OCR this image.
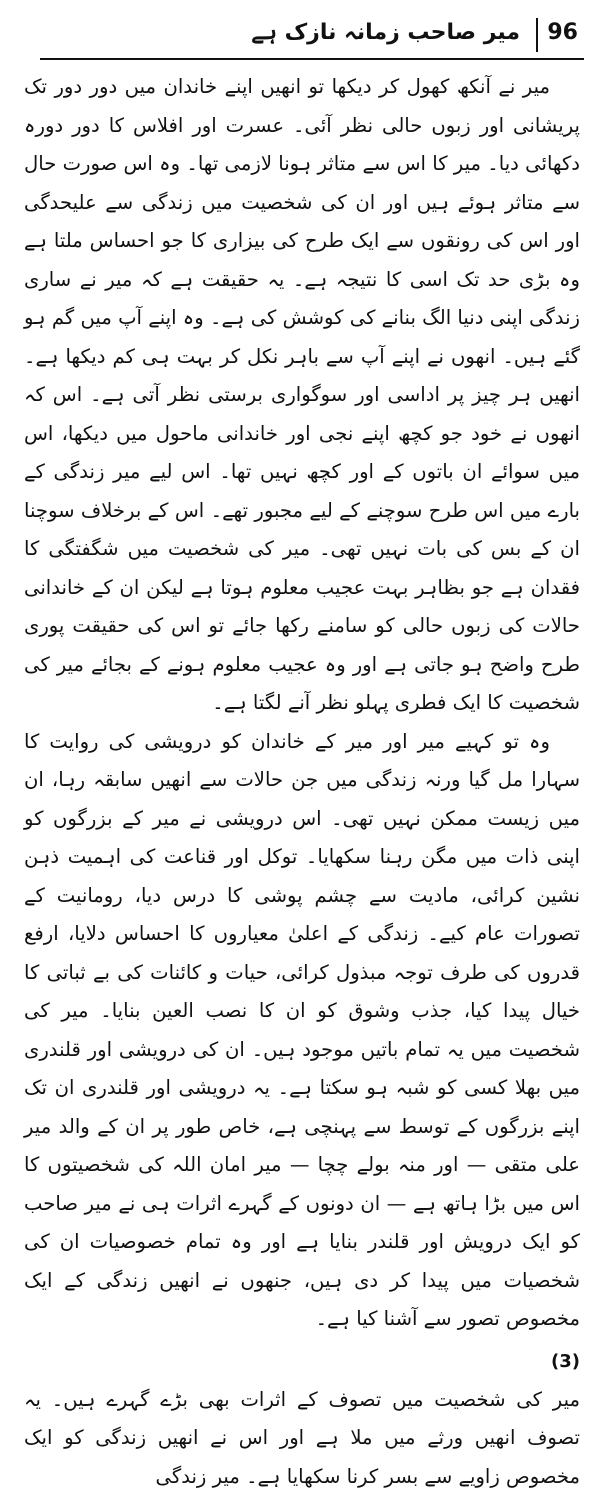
96
میر صاحب زمانہ نازک ہے

میر نے آنکھ کھول کر دیکھا تو انھیں اپنے خاندان میں دور دور تک پریشانی اور زبوں حالی نظر آئی۔ عسرت اور افلاس کا دور دورہ دکھائی دیا۔ میر کا اس سے متاثر ہونا لازمی تھا۔ وہ اس صورت حال سے متاثر ہوئے ہیں اور ان کی شخصیت میں زندگی سے علیحدگی اور اس کی رونقوں سے ایک طرح کی بیزاری کا جو احساس ملتا ہے وہ بڑی حد تک اسی کا نتیجہ ہے۔ یہ حقیقت ہے کہ میر نے ساری زندگی اپنی دنیا الگ بنانے کی کوشش کی ہے۔ وہ اپنے آپ میں گم ہو گئے ہیں۔ انھوں نے اپنے آپ سے باہر نکل کر بہت ہی کم دیکھا ہے۔ انھیں ہر چیز پر اداسی اور سوگواری برستی نظر آتی ہے۔ اس کہ انھوں نے خود جو کچھ اپنے نجی اور خاندانی ماحول میں دیکھا، اس میں سوائے ان باتوں کے اور کچھ نہیں تھا۔ اس لیے میر زندگی کے بارے میں اس طرح سوچنے کے لیے مجبور تھے۔ اس کے برخلاف سوچنا ان کے بس کی بات نہیں تھی۔ میر کی شخصیت میں شگفتگی کا فقدان ہے جو بظاہر بہت عجیب معلوم ہوتا ہے لیکن ان کے خاندانی حالات کی زبوں حالی کو سامنے رکھا جائے تو اس کی حقیقت پوری طرح واضح ہو جاتی ہے اور وہ عجیب معلوم ہونے کے بجائے میر کی شخصیت کا ایک فطری پہلو نظر آنے لگتا ہے۔

وہ تو کہیے میر اور میر کے خاندان کو درویشی کی روایت کا سہارا مل گیا ورنہ زندگی میں جن حالات سے انھیں سابقہ رہا، ان میں زیست ممکن نہیں تھی۔ اس درویشی نے میر کے بزرگوں کو اپنی ذات میں مگن رہنا سکھایا۔ توکل اور قناعت کی اہمیت ذہن نشین کرائی، مادیت سے چشم پوشی کا درس دیا، رومانیت کے تصورات عام کیے۔ زندگی کے اعلیٰ معیاروں کا احساس دلایا، ارفع قدروں کی طرف توجہ مبذول کرائی، حیات و کائنات کی بے ثباتی کا خیال پیدا کیا، جذب وشوق کو ان کا نصب العین بنایا۔ میر کی شخصیت میں یہ تمام باتیں موجود ہیں۔ ان کی درویشی اور قلندری میں بھلا کسی کو شبہ ہو سکتا ہے۔ یہ درویشی اور قلندری ان تک اپنے بزرگوں کے توسط سے پہنچی ہے، خاص طور پر ان کے والد میر علی متقی — اور منہ بولے چچا — میر امان اللہ کی شخصیتوں کا اس میں بڑا ہاتھ ہے — ان دونوں کے گہرے اثرات ہی نے میر صاحب کو ایک درویش اور قلندر بنایا ہے اور وہ تمام خصوصیات ان کی شخصیات میں پیدا کر دی ہیں، جنھوں نے انھیں زندگی کے ایک مخصوص تصور سے آشنا کیا ہے۔

(3)

میر کی شخصیت میں تصوف کے اثرات بھی بڑے گہرے ہیں۔ یہ تصوف انھیں ورثے میں ملا ہے اور اس نے انھیں زندگی کو ایک مخصوص زاویے سے بسر کرنا سکھایا ہے۔ میر زندگی
